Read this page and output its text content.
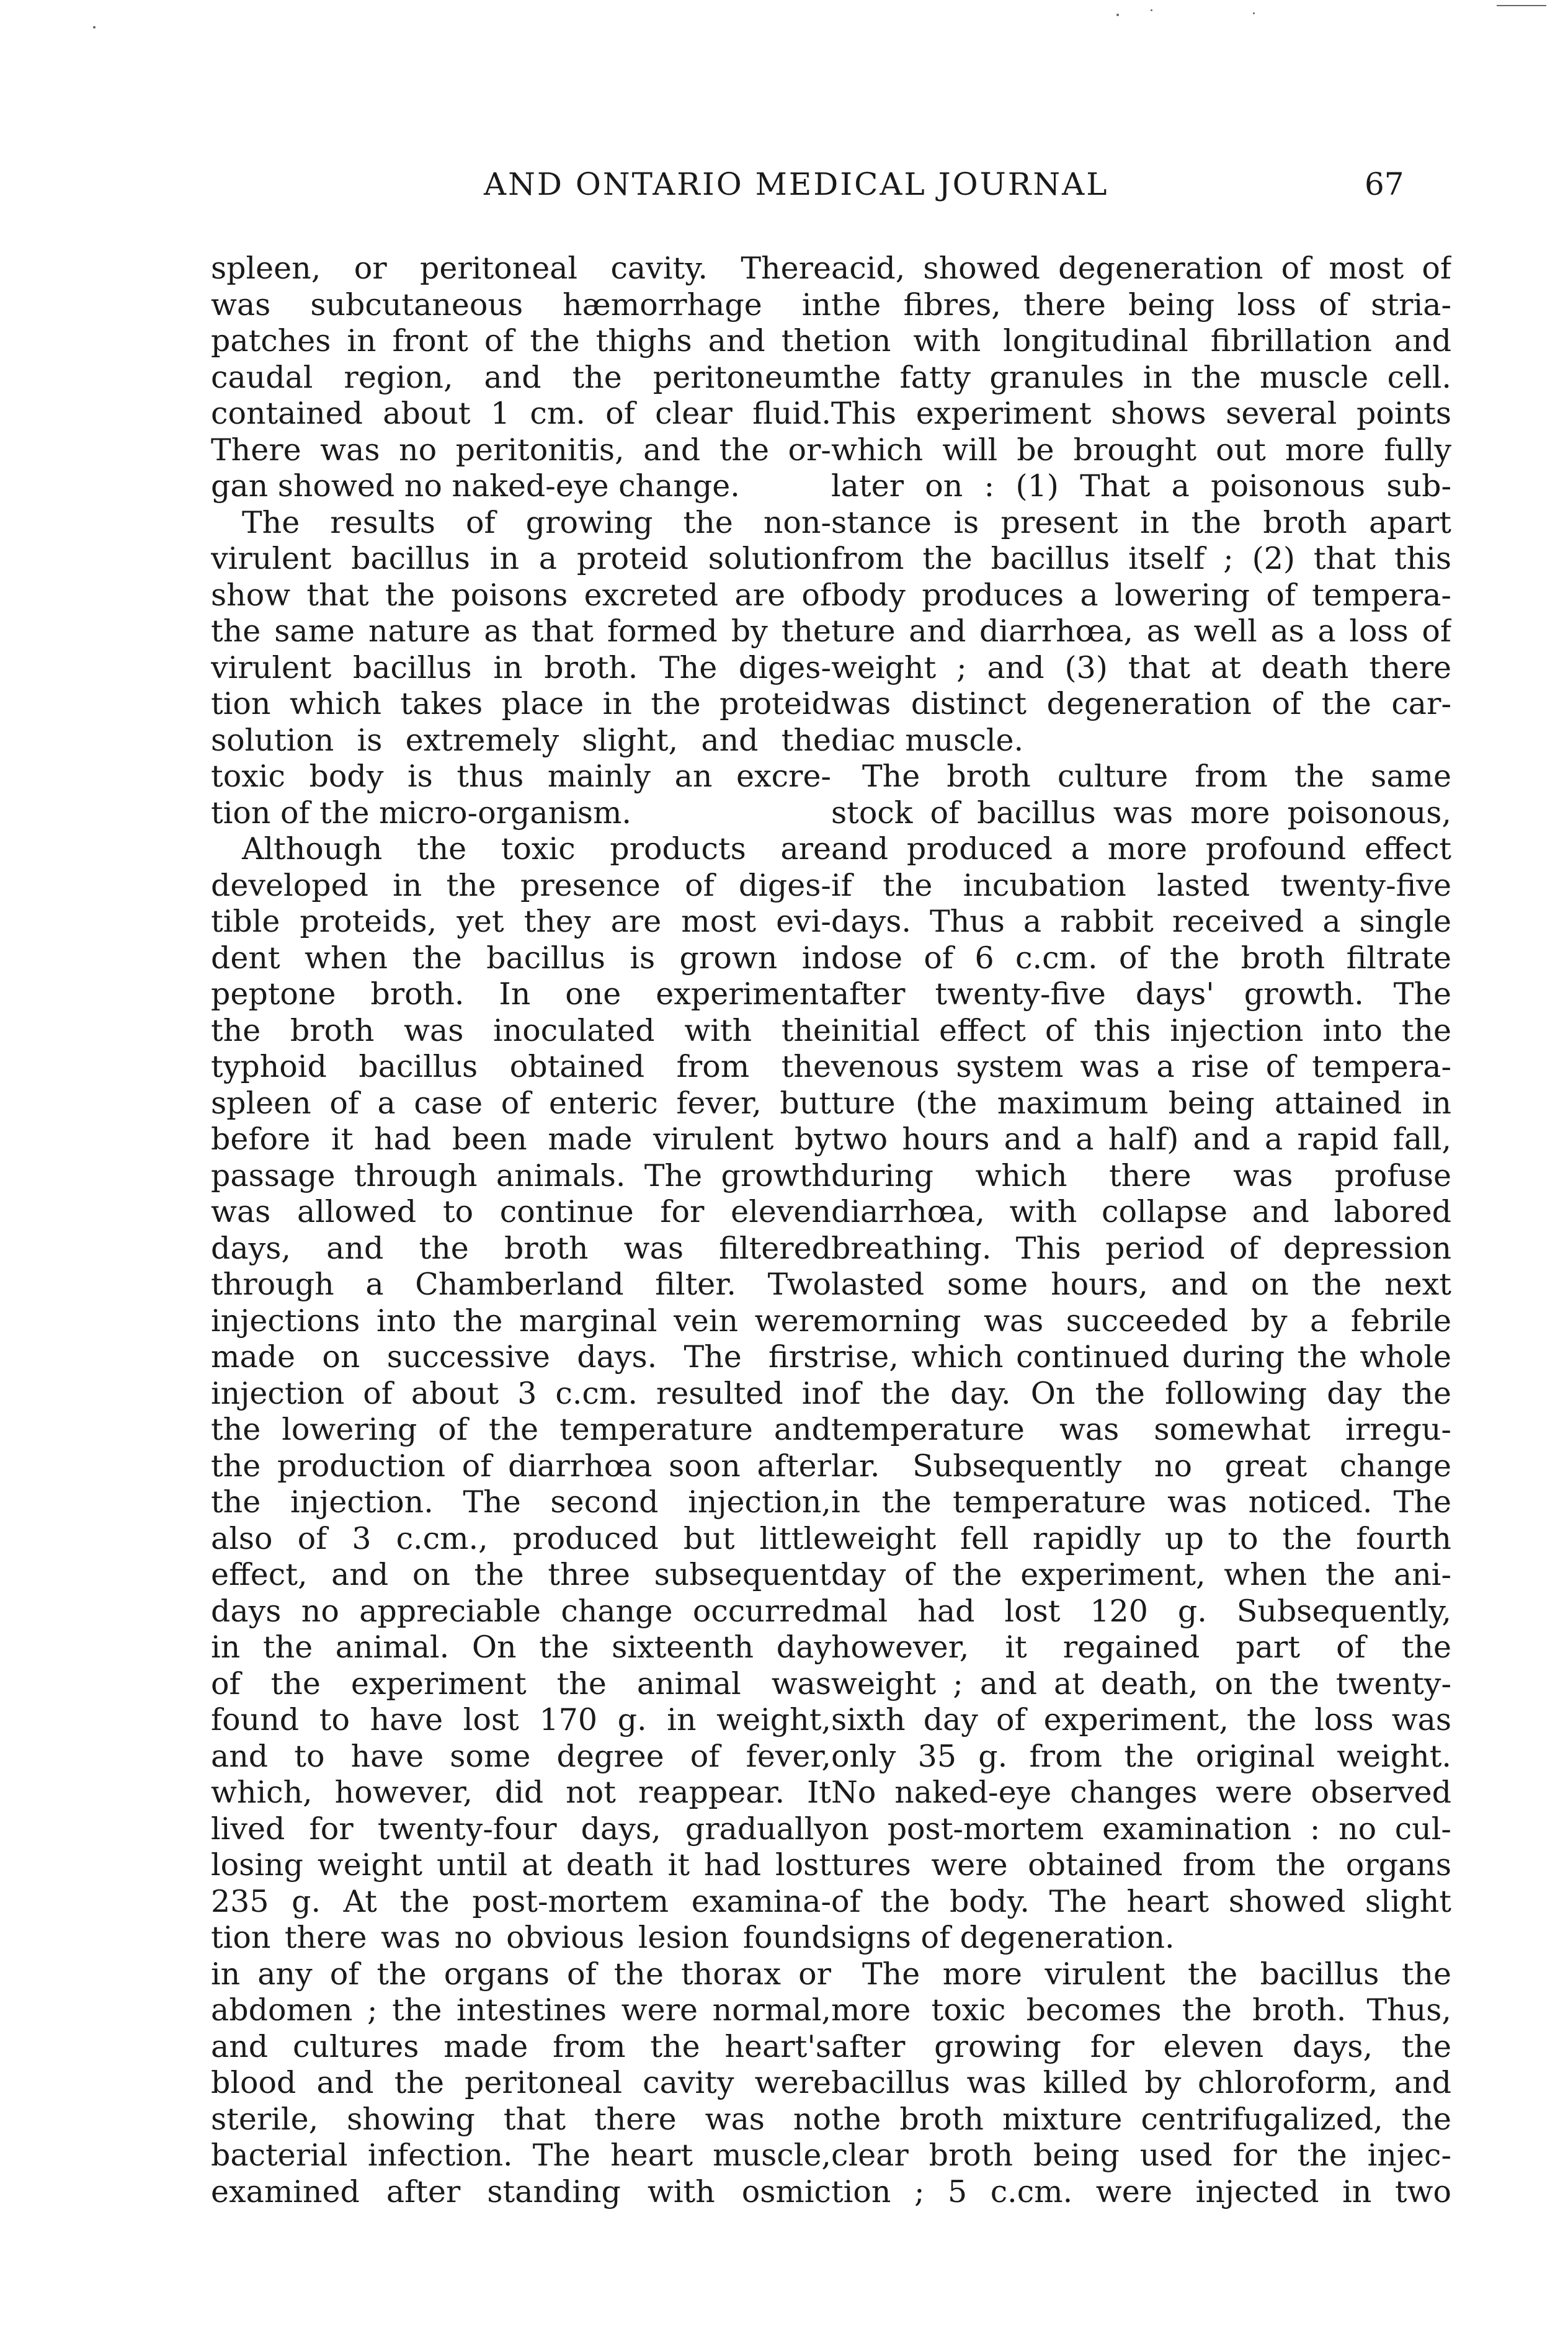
AND ONTARIO MEDICAL JOURNAL	67
spleen, or peritoneal cavity. There
was subcutaneous hæmorrhage in
patches in front of the thighs and the
caudal region, and the peritoneum
contained about 1 cm. of clear fluid.
There was no peritonitis, and the or-
gan showed no naked-eye change.
The results of growing the non-
virulent bacillus in a proteid solution
show that the poisons excreted are of
the same nature as that formed by the
virulent bacillus in broth. The diges-
tion which takes place in the proteid
solution is extremely slight, and the
toxic body is thus mainly an excre-
tion of the micro-organism.
Although the toxic products are
developed in the presence of diges-
tible proteids, yet they are most evi-
dent when the bacillus is grown in
peptone broth. In one experiment
the broth was inoculated with the
typhoid bacillus obtained from the
spleen of a case of enteric fever, but
before it had been made virulent by
passage through animals. The growth
was allowed to continue for eleven
days, and the broth was filtered
through a Chamberland filter. Two
injections into the marginal vein were
made on successive days. The first
injection of about 3 c.cm. resulted in
the lowering of the temperature and
the production of diarrhœa soon after
the injection. The second injection,
also of 3 c.cm., produced but little
effect, and on the three subsequent
days no appreciable change occurred
in the animal. On the sixteenth day
of the experiment the animal was
found to have lost 170 g. in weight,
and to have some degree of fever,
which, however, did not reappear. It
lived for twenty-four days, gradually
losing weight until at death it had lost
235 g. At the post-mortem examina-
tion there was no obvious lesion found
in any of the organs of the thorax or
abdomen ; the intestines were normal,
and cultures made from the heart's
blood and the peritoneal cavity were
sterile, showing that there was no
bacterial infection. The heart muscle,
examined after standing with osmic
acid, showed degeneration of most of
the fibres, there being loss of stria-
tion with longitudinal fibrillation and
the fatty granules in the muscle cell.
This experiment shows several points
which will be brought out more fully
later on : (1) That a poisonous sub-
stance is present in the broth apart
from the bacillus itself ; (2) that this
body produces a lowering of tempera-
ture and diarrhœa, as well as a loss of
weight ; and (3) that at death there
was distinct degeneration of the car-
diac muscle.
The broth culture from the same
stock of bacillus was more poisonous,
and produced a more profound effect
if the incubation lasted twenty-five
days. Thus a rabbit received a single
dose of 6 c.cm. of the broth filtrate
after twenty-five days' growth. The
initial effect of this injection into the
venous system was a rise of tempera-
ture (the maximum being attained in
two hours and a half) and a rapid fall,
during which there was profuse
diarrhœa, with collapse and labored
breathing. This period of depression
lasted some hours, and on the next
morning was succeeded by a febrile
rise, which continued during the whole
of the day. On the following day the
temperature was somewhat irregu-
lar. Subsequently no great change
in the temperature was noticed. The
weight fell rapidly up to the fourth
day of the experiment, when the ani-
mal had lost 120 g. Subsequently,
however, it regained part of the
weight ; and at death, on the twenty-
sixth day of experiment, the loss was
only 35 g. from the original weight.
No naked-eye changes were observed
on post-mortem examination : no cul-
tures were obtained from the organs
of the body. The heart showed slight
signs of degeneration.
The more virulent the bacillus the
more toxic becomes the broth. Thus,
after growing for eleven days, the
bacillus was killed by chloroform, and
the broth mixture centrifugalized, the
clear broth being used for the injec-
tion ; 5 c.cm. were injected in two
